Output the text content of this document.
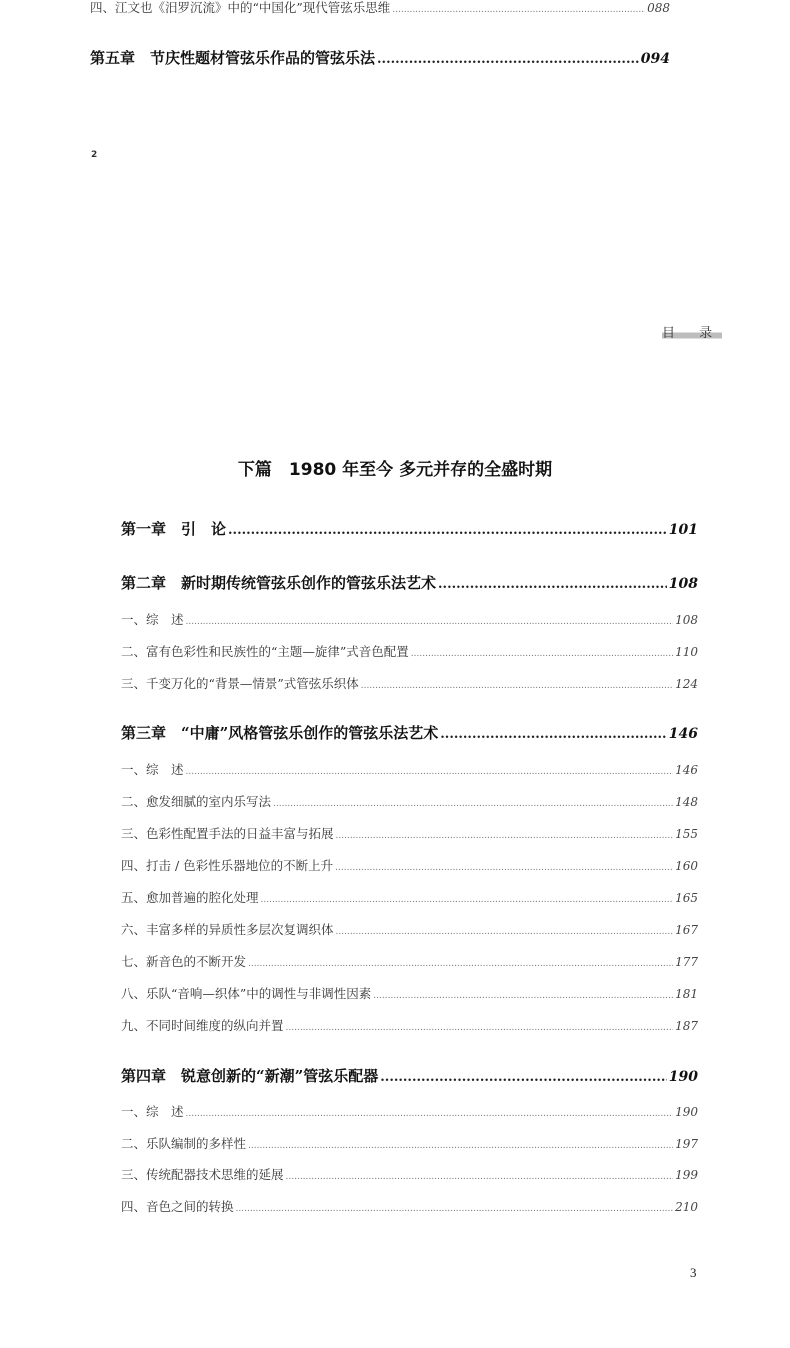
四、江文也《汨罗沉流》中的“中国化”现代管弦乐思维 .....	088
第五章　节庆性题材管弦乐作品的管弦乐法 .....	094
2
目 录
下篇　1980 年至今 多元并存的全盛时期
第一章　引　论 .....	101
第二章　新时期传统管弦乐创作的管弦乐法艺术 .....	108
一、综　述 .....	108
二、富有色彩性和民族性的“主题—旋律”式音色配置 .....	110
三、千变万化的“背景—情景”式管弦乐织体 .....	124
第三章　“中庸”风格管弦乐创作的管弦乐法艺术 .....	146
一、综　述 .....	146
二、愈发细腻的室内乐写法 .....	148
三、色彩性配置手法的日益丰富与拓展 .....	155
四、打击 / 色彩性乐器地位的不断上升 .....	160
五、愈加普遍的腔化处理 .....	165
六、丰富多样的异质性多层次复调织体 .....	167
七、新音色的不断开发 .....	177
八、乐队“音响—织体”中的调性与非调性因素 .....	181
九、不同时间维度的纵向并置 .....	187
第四章　锐意创新的“新潮”管弦乐配器 .....	190
一、综　述 .....	190
二、乐队编制的多样性 .....	197
三、传统配器技术思维的延展 .....	199
四、音色之间的转换 .....	210
3
